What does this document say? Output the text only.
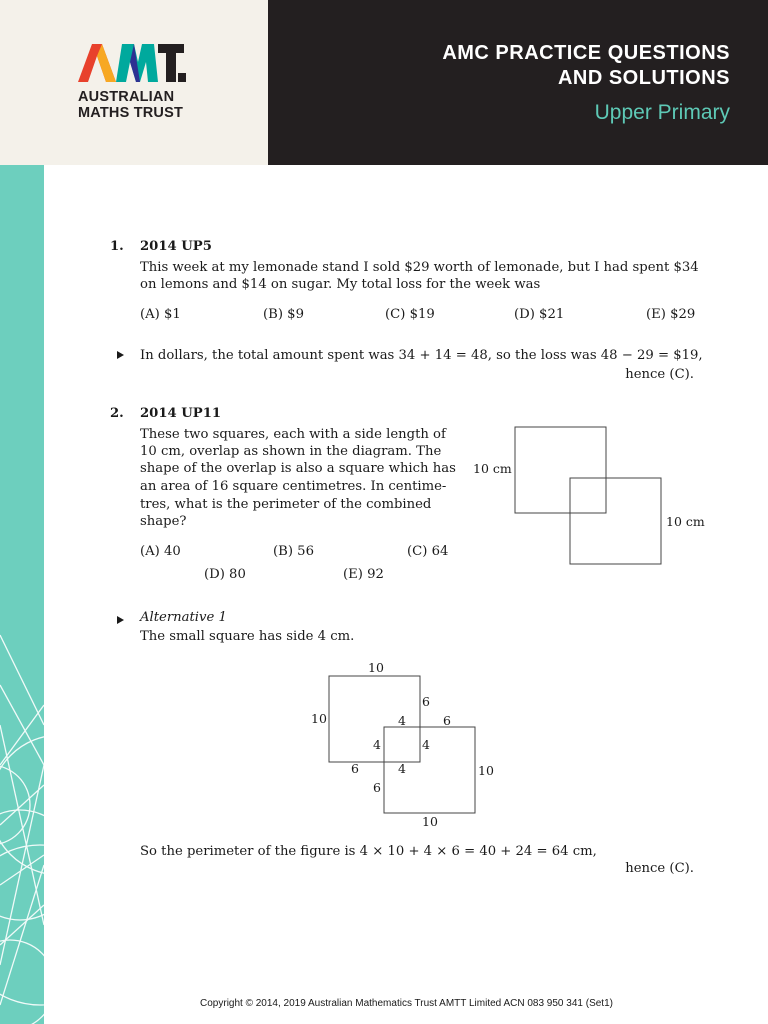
AUSTRALIAN
MATHS TRUST
AMC PRACTICE QUESTIONS
AND SOLUTIONS
Upper Primary
1. 2014 UP5
This week at my lemonade stand I sold $29 worth of lemonade, but I had spent $34
on lemons and $14 on sugar. My total loss for the week was
(A) $1	(B) $9	(C) $19	(D) $21	(E) $29
In dollars, the total amount spent was 34 + 14 = 48, so the loss was 48 − 29 = $19,
hence (C).
2. 2014 UP11
These two squares, each with a side length of
10 cm, overlap as shown in the diagram. The
shape of the overlap is also a square which has
an area of 16 square centimetres. In centime-
tres, what is the perimeter of the combined
shape?
(A) 40	(B) 56	(C) 64
(D) 80	(E) 92
10 cm
10 cm
Alternative 1
The small square has side 4 cm.
10
10
6
4	6
4	4
6	4	10
6
10
So the perimeter of the figure is 4 × 10 + 4 × 6 = 40 + 24 = 64 cm,
hence (C).
Copyright © 2014, 2019 Australian Mathematics Trust AMTT Limited ACN 083 950 341 (Set1)
